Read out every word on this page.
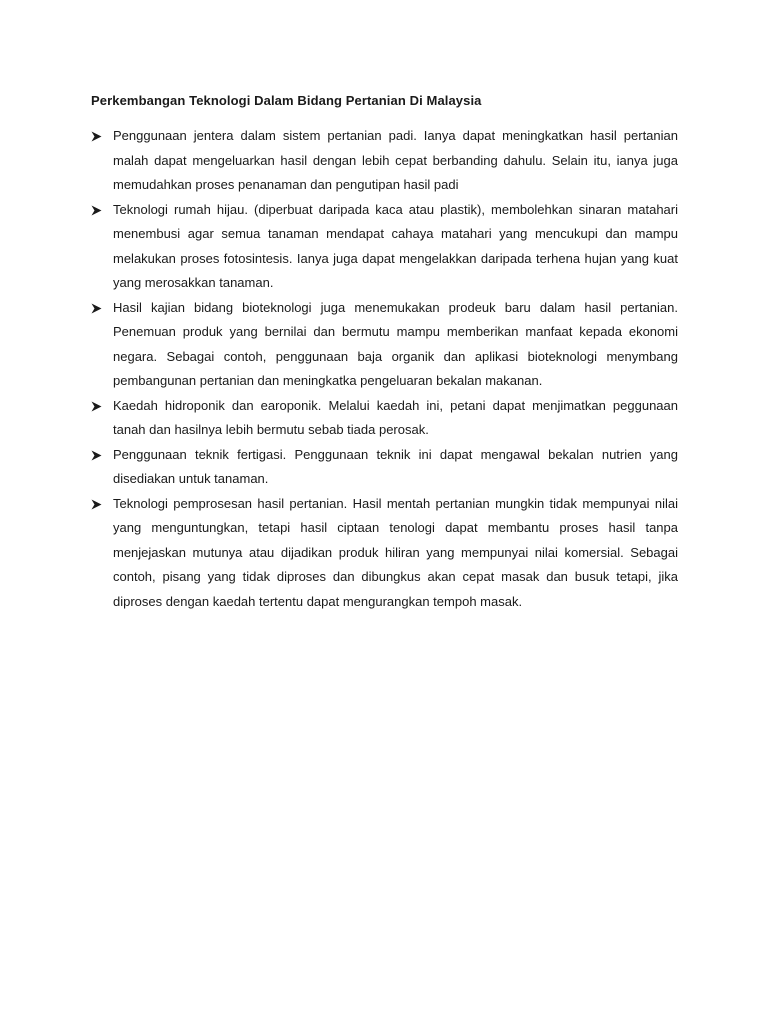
Perkembangan Teknologi Dalam Bidang Pertanian Di Malaysia
Penggunaan jentera dalam sistem pertanian padi. Ianya dapat meningkatkan hasil pertanian malah dapat mengeluarkan hasil dengan lebih cepat berbanding dahulu. Selain itu, ianya juga memudahkan proses penanaman dan pengutipan hasil padi
Teknologi rumah hijau. (diperbuat daripada kaca atau plastik), membolehkan sinaran matahari menembusi agar semua tanaman mendapat cahaya matahari yang mencukupi dan mampu melakukan proses fotosintesis. Ianya juga dapat mengelakkan daripada terhena hujan yang kuat yang merosakkan tanaman.
Hasil kajian bidang bioteknologi juga menemukakan prodeuk baru dalam hasil pertanian. Penemuan produk yang bernilai dan bermutu mampu memberikan manfaat kepada ekonomi negara. Sebagai contoh, penggunaan baja organik dan aplikasi bioteknologi menymbang pembangunan pertanian dan meningkatka pengeluaran bekalan makanan.
Kaedah hidroponik dan earoponik. Melalui kaedah ini, petani dapat menjimatkan peggunaan tanah dan hasilnya lebih bermutu sebab tiada perosak.
Penggunaan teknik fertigasi. Penggunaan teknik ini dapat mengawal bekalan nutrien yang disediakan untuk tanaman.
Teknologi pemprosesan hasil pertanian. Hasil mentah pertanian mungkin tidak mempunyai nilai yang menguntungkan, tetapi hasil ciptaan tenologi dapat membantu proses hasil tanpa menjejaskan mutunya atau dijadikan produk hiliran yang mempunyai nilai komersial. Sebagai contoh, pisang yang tidak diproses dan dibungkus akan cepat masak dan busuk tetapi, jika diproses dengan kaedah tertentu dapat mengurangkan tempoh masak.
